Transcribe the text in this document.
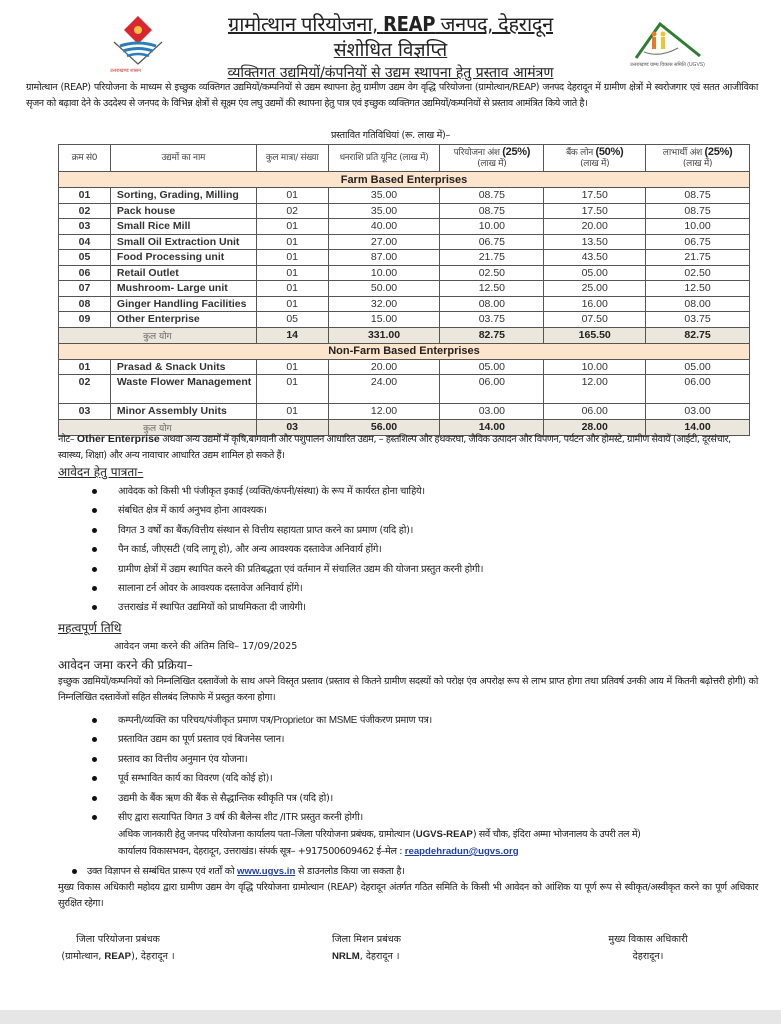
उत्तराखण्ड शासन
उत्तराखण्ड ग्राम्य विकास समिति (UGVS)
ग्रामोत्थान परियोजना, REAP जनपद, देहरादून
संशोधित विज्ञप्ति
व्यक्तिगत उद्यमियों/कंपनियों से उद्यम स्थापना हेतु प्रस्ताव आमंत्रण
ग्रामोत्थान (REAP) परियोजना के माध्यम से इच्छुक व्यक्तिगत उद्यमियों/कम्पनियों से उद्यम स्थापना हेतु ग्रामीण उद्यम वेग वृद्धि परियोजना (ग्रामोत्थान/REAP) जनपद देहरादून में ग्रामीण क्षेत्रों मे स्वरोजगार एवं सतत आजीविका सृजन को बढ़ावा देने के उददेश्य से जनपद के विभिन्न क्षेत्रों से सूक्ष्म एंव लघु उद्यमों की स्थापना हेतु पात्र एवं इच्छुक व्यक्तिगत उद्यमियों/कम्पनियों से प्रस्ताव आमंत्रित किये जाते है।
प्रस्तावित गतिविधियां (रू. लाख में)–
क्रम सं0	उद्यमों का नाम	कुल मात्रा/ संख्या	धनराशि प्रति यूनिट (लाख में)	परियोजना अंश (25%)
(लाख में)	बैंक लोन (50%)
(लाख में)	लाभार्थी अंश (25%)
(लाख में)
Farm Based Enterprises						
01	Sorting, Grading, Milling	01	35.00	08.75	17.50	08.75
02	Pack house	02	35.00	08.75	17.50	08.75
03	Small Rice Mill	01	40.00	10.00	20.00	10.00
04	Small Oil Extraction Unit	01	27.00	06.75	13.50	06.75
05	Food Processing unit	01	87.00	21.75	43.50	21.75
06	Retail Outlet	01	10.00	02.50	05.00	02.50
07	Mushroom- Large unit	01	50.00	12.50	25.00	12.50
08	Ginger Handling Facilities	01	32.00	08.00	16.00	08.00
09	Other Enterprise	05	15.00	03.75	07.50	03.75
कुल योग		14	331.00	82.75	165.50	82.75
Non-Farm Based Enterprises						
01	Prasad & Snack Units	01	20.00	05.00	10.00	05.00
02	Waste Flower Management	01	24.00	06.00	12.00	06.00
03	Minor Assembly Units	01	12.00	03.00	06.00	03.00
कुल योग		03	56.00	14.00	28.00	14.00
नोट– Other Enterprise अथवा अन्य उद्यमों में कृषि,बागवानी और पशुपालन आधारित उद्यम, – हस्तशिल्प और हथकरघा, जैविक उत्पादन और विपणन, पर्यटन और होमस्टे, ग्रामीण सेवायें (आईटी, दूरसंचार, स्वास्थ्य, शिक्षा) और अन्य नावाचार आधारित उद्यम शामिल हो सकते हैं।
आवेदन हेतु पात्रता–
आवेदक को किसी भी पंजीकृत इकाई (व्यक्ति/कंपनी/संस्था) के रूप में कार्यरत होना चाहिये।
संबधित क्षेत्र में कार्य अनुभव होना आवश्यक।
विगत 3 वर्षों का बैंक/वित्तीय संस्थान से वित्तीय सहायता प्राप्त करने का प्रमाण (यदि हो)।
पैन कार्ड, जीएसटी (यदि लागू हो), और अन्य आवश्यक दस्तावेज अनिवार्य होंगे।
ग्रामीण क्षेत्रों में उद्यम स्थापित करने की प्रतिबद्धता एवं वर्तमान में संचालित उद्यम की योजना प्रस्तुत करनी होगी।
सालाना टर्न ओवर के आवश्यक दस्तावेज अनिवार्य होंगे।
उत्तराखंड में स्थापित उद्यमियों को प्राथमिकता दी जायेगी।
महत्वपूर्ण तिथि
आवेदन जमा करने की अंतिम तिथि– 17/09/2025
आवेदन जमा करने की प्रक्रिया–
इच्छुक उद्यमियों/कम्पनियों को निम्नलिखित दस्तावेंजो के साथ अपने विस्तृत प्रस्ताव (प्रस्ताव से कितने ग्रामीण सदस्यों को परोक्ष एंव अपरोक्ष रूप से लाभ प्राप्त होगा तथा प्रतिवर्ष उनकी आय में कितनी बढ़ोत्तरी होगी) को निम्नलिखित दस्तावेंजों सहित सीलबंद लिफाफे में प्रस्तुत करना होगा।
कम्पनी/व्यक्ति का परिचय/पंजीकृत प्रमाण पत्र/Proprietor का MSME पंजीकरण प्रमाण पत्र।
प्रस्तावित उद्यम का पूर्ण प्रस्ताव एवं बिजनेस प्लान।
प्रस्ताव का वित्तीय अनुमान एंव योजना।
पूर्व सम्भावित कार्य का विवरण (यदि कोई हो)।
उद्यमी के बैंक ऋण की बैंक से सैद्धान्तिक स्वीकृति पत्र (यदि हो)।
सीए द्वारा सत्यापित विगत 3 वर्ष की बैलेन्स शीट /ITR प्रस्तुत करनी होगी।
अधिक जानकारी हेतु जनपद परियोजना कार्यालय पता–जिला परियोजना प्रबंधक, ग्रामोत्थान (UGVS-REAP) सर्वे चौक, इंदिरा अम्मा भोजनालय के उपरी तल में)
कार्यालय विकासभवन, देहरादून, उत्तराखंड। संपर्क सूत्र– +917500609462 ई–मेल : reapdehradun@ugvs.org
उक्त विज्ञापन से सम्बंधित प्रारूप एवं शर्तों को www.ugvs.in से डाउनलोड किया जा सकता है।
मुख्य विकास अधिकारी महोदय द्वारा ग्रामीण उद्यम वेग वृद्धि परियोजना ग्रामोत्थान (REAP) देहरादून अंतर्गत गठित समिति के किसी भी आवेदन को आंशिक या पूर्ण रूप से स्वीकृत/अस्वीकृत करने का पूर्ण अधिकार सुरक्षित रहेगा।
जिला परियोजना प्रबंधक
(ग्रामोत्थान, REAP), देहरादून ।
जिला मिशन प्रबंधक
NRLM, देहरादून ।
मुख्य विकास अधिकारी
देहरादून।
